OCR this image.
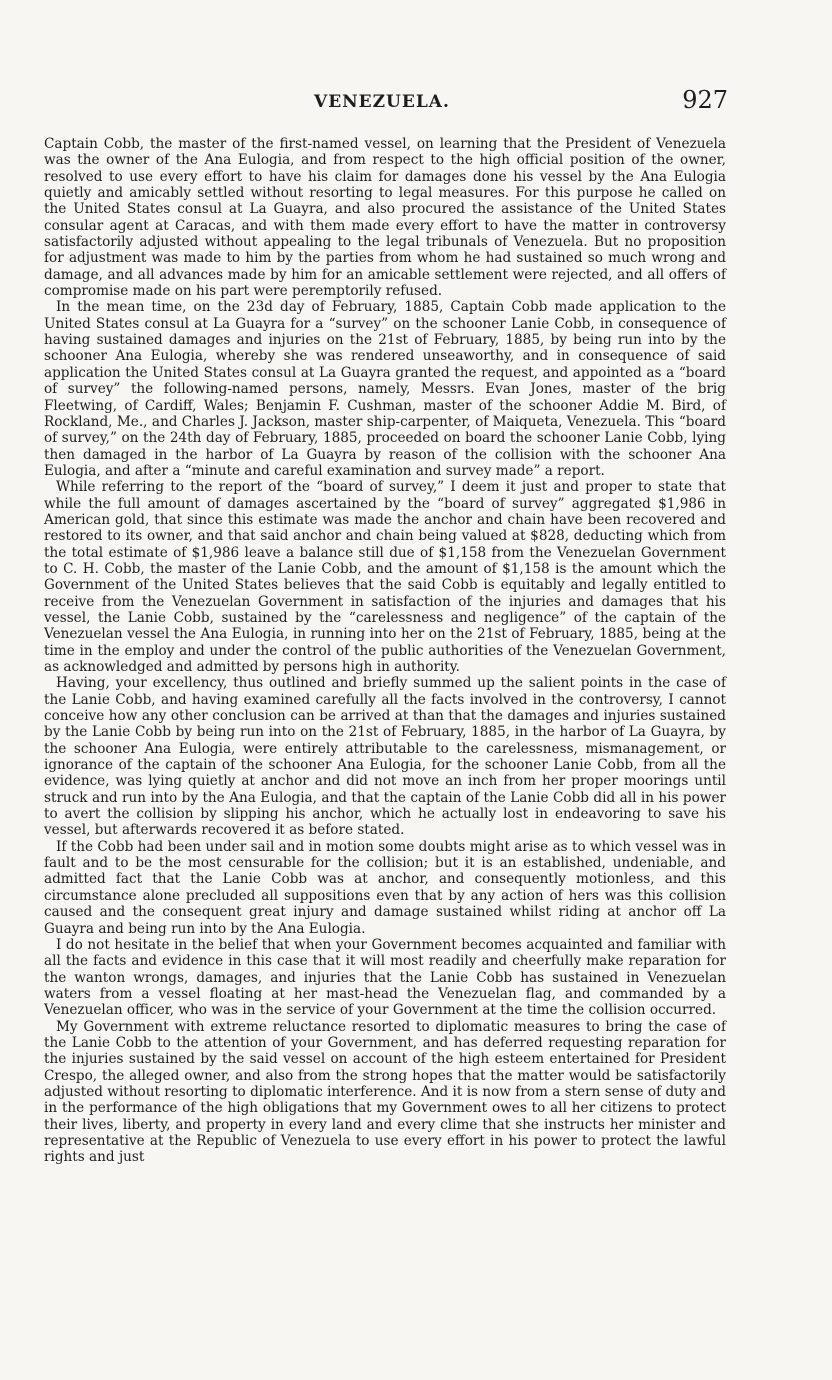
VENEZUELA.	927

Captain Cobb, the master of the first-named vessel, on learning that the President of Venezuela was the owner of the Ana Eulogia, and from respect to the high official position of the owner, resolved to use every effort to have his claim for damages done his vessel by the Ana Eulogia quietly and amicably settled without resorting to legal measures. For this purpose he called on the United States consul at La Guayra, and also procured the assistance of the United States consular agent at Caracas, and with them made every effort to have the matter in controversy satisfactorily adjusted without appealing to the legal tribunals of Venezuela. But no proposition for adjustment was made to him by the parties from whom he had sustained so much wrong and damage, and all advances made by him for an amicable settlement were rejected, and all offers of compromise made on his part were peremptorily refused.

In the mean time, on the 23d day of February, 1885, Captain Cobb made application to the United States consul at La Guayra for a “survey” on the schooner Lanie Cobb, in consequence of having sustained damages and injuries on the 21st of February, 1885, by being run into by the schooner Ana Eulogia, whereby she was rendered unseaworthy, and in consequence of said application the United States consul at La Guayra granted the request, and appointed as a “board of survey” the following-named persons, namely, Messrs. Evan Jones, master of the brig Fleetwing, of Cardiff, Wales; Benjamin F. Cushman, master of the schooner Addie M. Bird, of Rockland, Me., and Charles J. Jackson, master ship-carpenter, of Maiqueta, Venezuela. This “board of survey,” on the 24th day of February, 1885, proceeded on board the schooner Lanie Cobb, lying then damaged in the harbor of La Guayra by reason of the collision with the schooner Ana Eulogia, and after a “minute and careful examination and survey made” a report.

While referring to the report of the “board of survey,” I deem it just and proper to state that while the full amount of damages ascertained by the “board of survey” aggregated $1,986 in American gold, that since this estimate was made the anchor and chain have been recovered and restored to its owner, and that said anchor and chain being valued at $828, deducting which from the total estimate of $1,986 leave a balance still due of $1,158 from the Venezuelan Government to C. H. Cobb, the master of the Lanie Cobb, and the amount of $1,158 is the amount which the Government of the United States believes that the said Cobb is equitably and legally entitled to receive from the Venezuelan Government in satisfaction of the injuries and damages that his vessel, the Lanie Cobb, sustained by the “carelessness and negligence” of the captain of the Venezuelan vessel the Ana Eulogia, in running into her on the 21st of February, 1885, being at the time in the employ and under the control of the public authorities of the Venezuelan Government, as acknowledged and admitted by persons high in authority.

Having, your excellency, thus outlined and briefly summed up the salient points in the case of the Lanie Cobb, and having examined carefully all the facts involved in the controversy, I cannot conceive how any other conclusion can be arrived at than that the damages and injuries sustained by the Lanie Cobb by being run into on the 21st of February, 1885, in the harbor of La Guayra, by the schooner Ana Eulogia, were entirely attributable to the carelessness, mismanagement, or ignorance of the captain of the schooner Ana Eulogia, for the schooner Lanie Cobb, from all the evidence, was lying quietly at anchor and did not move an inch from her proper moorings until struck and run into by the Ana Eulogia, and that the captain of the Lanie Cobb did all in his power to avert the collision by slipping his anchor, which he actually lost in endeavoring to save his vessel, but afterwards recovered it as before stated.

If the Cobb had been under sail and in motion some doubts might arise as to which vessel was in fault and to be the most censurable for the collision; but it is an established, undeniable, and admitted fact that the Lanie Cobb was at anchor, and consequently motionless, and this circumstance alone precluded all suppositions even that by any action of hers was this collision caused and the consequent great injury and damage sustained whilst riding at anchor off La Guayra and being run into by the Ana Eulogia.

I do not hesitate in the belief that when your Government becomes acquainted and familiar with all the facts and evidence in this case that it will most readily and cheerfully make reparation for the wanton wrongs, damages, and injuries that the Lanie Cobb has sustained in Venezuelan waters from a vessel floating at her mast-head the Venezuelan flag, and commanded by a Venezuelan officer, who was in the service of your Government at the time the collision occurred.

My Government with extreme reluctance resorted to diplomatic measures to bring the case of the Lanie Cobb to the attention of your Government, and has deferred requesting reparation for the injuries sustained by the said vessel on account of the high esteem entertained for President Crespo, the alleged owner, and also from the strong hopes that the matter would be satisfactorily adjusted without resorting to diplomatic interference. And it is now from a stern sense of duty and in the performance of the high obligations that my Government owes to all her citizens to protect their lives, liberty, and property in every land and every clime that she instructs her minister and representative at the Republic of Venezuela to use every effort in his power to protect the lawful rights and just
